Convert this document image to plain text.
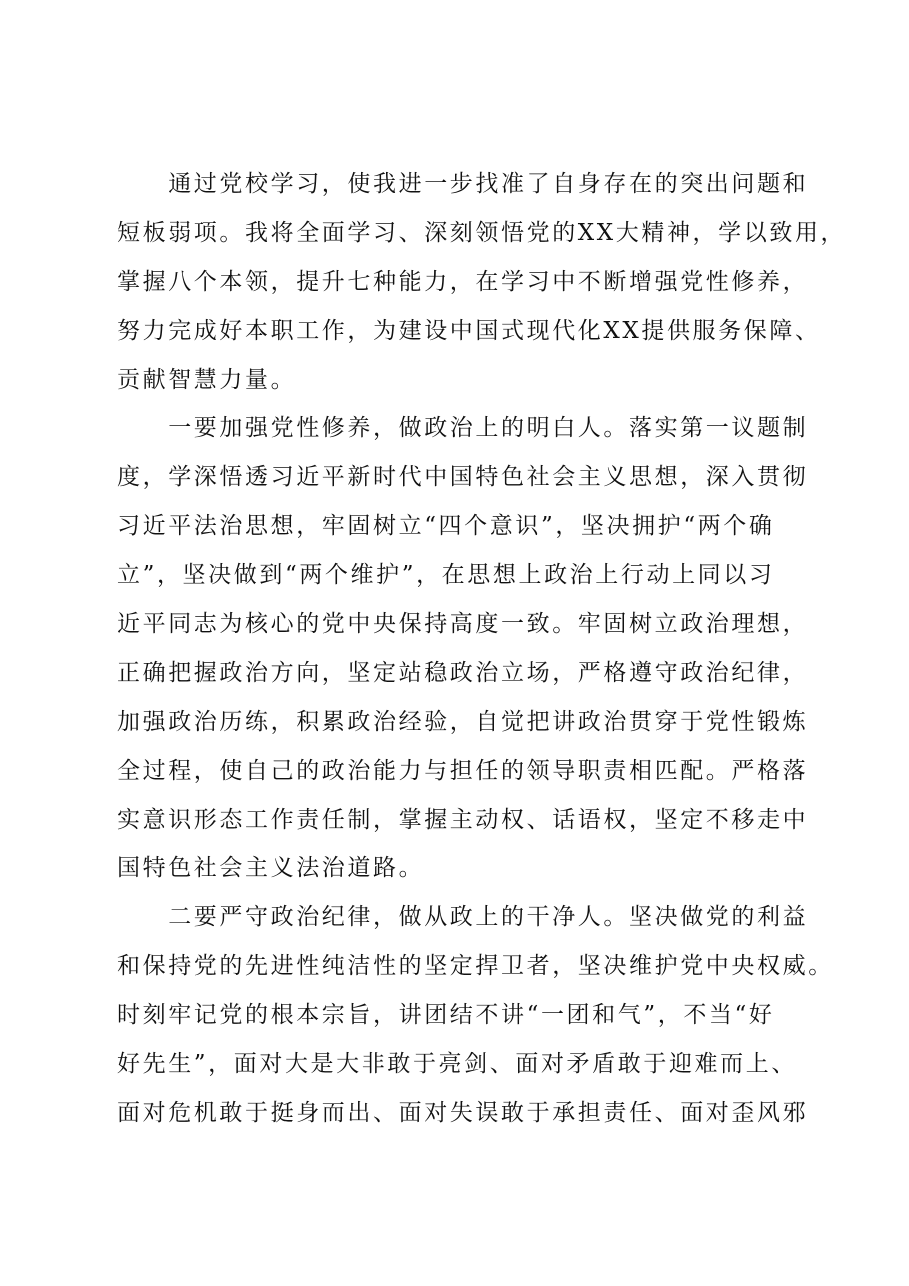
　　通过党校学习，使我进一步找准了自身存在的突出问题和
短板弱项。我将全面学习、深刻领悟党的XX大精神，学以致用，
掌握八个本领，提升七种能力，在学习中不断增强党性修养，
努力完成好本职工作，为建设中国式现代化XX提供服务保障、
贡献智慧力量。
　　一要加强党性修养，做政治上的明白人。落实第一议题制
度，学深悟透习近平新时代中国特色社会主义思想，深入贯彻
习近平法治思想，牢固树立“四个意识”，坚决拥护“两个确
立”，坚决做到“两个维护”，在思想上政治上行动上同以习
近平同志为核心的党中央保持高度一致。牢固树立政治理想，
正确把握政治方向，坚定站稳政治立场，严格遵守政治纪律，
加强政治历练，积累政治经验，自觉把讲政治贯穿于党性锻炼
全过程，使自己的政治能力与担任的领导职责相匹配。严格落
实意识形态工作责任制，掌握主动权、话语权，坚定不移走中
国特色社会主义法治道路。
　　二要严守政治纪律，做从政上的干净人。坚决做党的利益
和保持党的先进性纯洁性的坚定捍卫者，坚决维护党中央权威。
时刻牢记党的根本宗旨，讲团结不讲“一团和气”，不当“好
好先生”，面对大是大非敢于亮剑、面对矛盾敢于迎难而上、
面对危机敢于挺身而出、面对失误敢于承担责任、面对歪风邪
